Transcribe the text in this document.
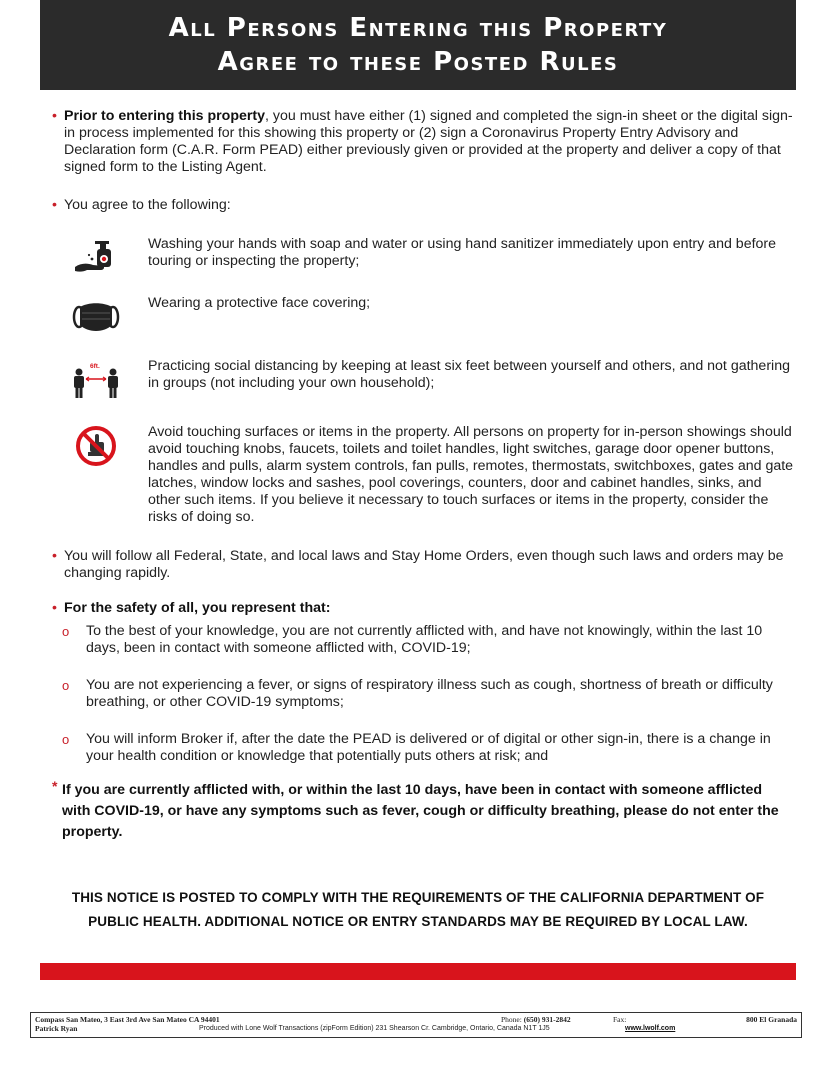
All Persons Entering this Property
Agree to these Posted Rules
• Prior to entering this property, you must have either (1) signed and completed the sign-in sheet or the digital sign-in process implemented for this showing this property or (2) sign a Coronavirus Property Entry Advisory and Declaration form (C.A.R. Form PEAD) either previously given or provided at the property and deliver a copy of that signed form to the Listing Agent.
• You agree to the following:
Washing your hands with soap and water or using hand sanitizer immediately upon entry and before touring or inspecting the property;
Wearing a protective face covering;
6ft.	Practicing social distancing by keeping at least six feet between yourself and others, and not gathering in groups (not including your own household);
Avoid touching surfaces or items in the property. All persons on property for in-person showings should avoid touching knobs, faucets, toilets and toilet handles, light switches, garage door opener buttons, handles and pulls, alarm system controls, fan pulls, remotes, thermostats, switchboxes, gates and gate latches, window locks and sashes, pool coverings, counters, door and cabinet handles, sinks, and other such items. If you believe it necessary to touch surfaces or items in the property, consider the risks of doing so.
• You will follow all Federal, State, and local laws and Stay Home Orders, even though such laws and orders may be changing rapidly.
• For the safety of all, you represent that:
o To the best of your knowledge, you are not currently afflicted with, and have not knowingly, within the last 10 days, been in contact with someone afflicted with, COVID-19;
o You are not experiencing a fever, or signs of respiratory illness such as cough, shortness of breath or difficulty breathing, or other COVID-19 symptoms;
o You will inform Broker if, after the date the PEAD is delivered or of digital or other sign-in, there is a change in your health condition or knowledge that potentially puts others at risk; and
* If you are currently afflicted with, or within the last 10 days, have been in contact with someone afflicted with COVID-19, or have any symptoms such as fever, cough or difficulty breathing, please do not enter the property.
THIS NOTICE IS POSTED TO COMPLY WITH THE REQUIREMENTS OF THE CALIFORNIA DEPARTMENT OF
PUBLIC HEALTH. ADDITIONAL NOTICE OR ENTRY STANDARDS MAY BE REQUIRED BY LOCAL LAW.
Compass San Mateo, 3 East 3rd Ave San Mateo CA 94401	Phone: (650) 931-2842	Fax:	800 El Granada
Patrick Ryan	Produced with Lone Wolf Transactions (zipForm Edition) 231 Shearson Cr. Cambridge, Ontario, Canada N1T 1J5	www.lwolf.com
